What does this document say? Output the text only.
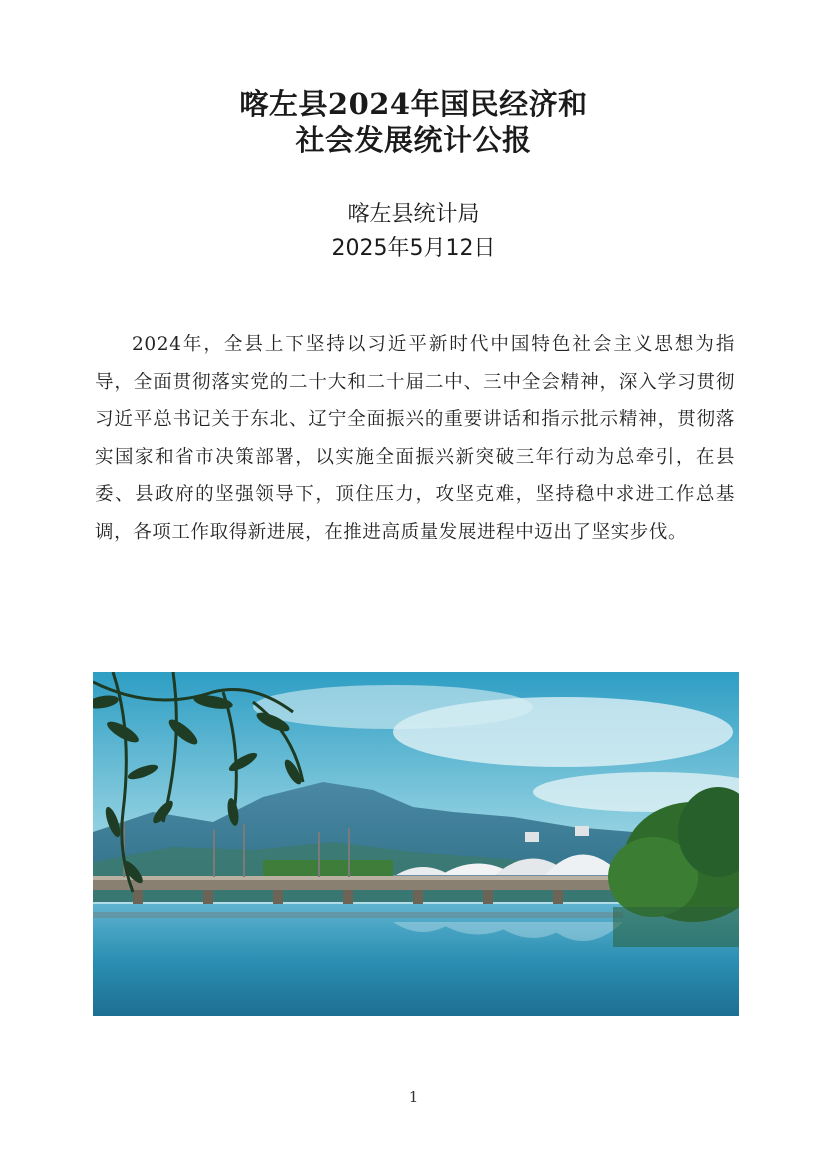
喀左县2024年国民经济和
社会发展统计公报
喀左县统计局
2025年5月12日
2024年，全县上下坚持以习近平新时代中国特色社会主义思想为指导，全面贯彻落实党的二十大和二十届二中、三中全会精神，深入学习贯彻习近平总书记关于东北、辽宁全面振兴的重要讲话和指示批示精神，贯彻落实国家和省市决策部署，以实施全面振兴新突破三年行动为总牵引，在县委、县政府的坚强领导下，顶住压力，攻坚克难，坚持稳中求进工作总基调，各项工作取得新进展，在推进高质量发展进程中迈出了坚实步伐。
1
